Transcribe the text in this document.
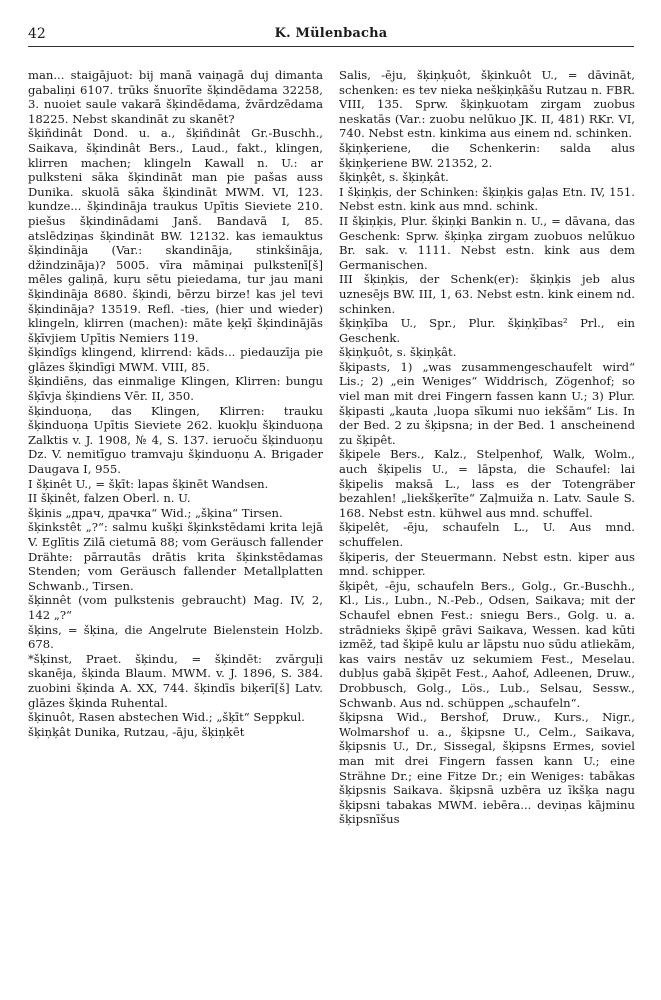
42	K. Mülenbacha

man... staigājuot: bij manā vaiņagā duj dimanta gabaliņi 6107. trūks šnuorīte šķindēdama 32258, 3. nuoiet saule vakarā šķindēdama, žvārdzēdama 18225. Nebst skandināt zu skanēt?

šķiñdinât Dond. u. a., šķiñdinât Gr.-Buschh., Saikava, šķindinât Bers., Laud., fakt., klingen, klirren machen; klingeln Kawall n. U.: ar pulksteni sāka šķindināt man pie pašas auss Dunika. skuolā sāka šķindināt MWM. VI, 123. kundze... šķindināja traukus Upītis Sieviete 210. piešus šķindinādami Janš. Bandavā I, 85. atslēdziņas šķindināt BW. 12132. kas iemauktus šķindināja (Var.: skandināja, stinkšināja, džindzināja)? 5005. vīra māmiņai pulkstenī[š] mēles galiņā, kuŗu sētu pieiedama, tur jau mani šķindināja 8680. šķindi, bērzu birze! kas jel tevi šķindināja? 13519. Refl. -ties, (hier und wieder) klingeln, klirren (machen): māte ķeķī šķindinājās šķīvjiem Upītis Nemiers 119.

šķindîgs klingend, klirrend: kāds... piedauzīja pie glāzes šķindīgi MWM. VIII, 85.

šķindiēns, das einmalige Klingen, Klirren: bungu šķīvja šķindiens Vēr. II, 350.

šķinduoņa, das Klingen, Klirren: trauku šķinduoņa Upītis Sieviete 262. kuokļu šķinduoņa Zalktis v. J. 1908, № 4, S. 137. ieruoču šķinduoņu Dz. V. nemitīguo tramvaju šķinduoņu A. Brigader Daugava I, 955.

I šķinêt U., = šķīt: lapas šķinēt Wandsen.

II šķinêt, falzen Oberl. n. U.

šķinis „драч, драчка“ Wid.; „šķina“ Tirsen.

šķinkstêt „?“: salmu kušķi šķinkstēdami krita lejā V. Eglītis Zilā cietumā 88; vom Geräusch fallender Drähte: pārrautās drātis krita šķinkstēdamas Stenden; vom Geräusch fallender Metallplatten Schwanb., Tirsen.

šķinnêt (vom pulkstenis gebraucht) Mag. IV, 2, 142 „?“

šķins, = šķina, die Angelrute Bielenstein Holzb. 678.

*šķinst, Praet. šķindu, = šķindēt: zvārguļi skanēja, šķinda Blaum. MWM. v. J. 1896, S. 384. zuobini šķinda A. XX, 744. šķindīs biķerī[š] Latv. glāzes šķinda Ruhental.

šķinuôt, Rasen abstechen Wid.; „šķīt“ Seppkul.

šķiņķât Dunika, Rutzau, -āju, šķiņķēt

Salis, -ēju, šķiņķuôt, šķinkuôt U., = dāvināt, schenken: es tev nieka nešķiņķāšu Rutzau n. FBR. VIII, 135. Sprw. šķiņķuotam zirgam zuobus neskatās (Var.: zuobu nelūkuo JK. II, 481) RKr. VI, 740. Nebst estn. kinkima aus einem nd. schinken.

šķiņķeriene, die Schenkerin: salda alus šķiņķeriene BW. 21352, 2.

šķiņķêt, s. šķiņķât.

I šķiņķis, der Schinken: šķiņķis gaļas Etn. IV, 151. Nebst estn. kink aus mnd. schink.

II šķiņķis, Plur. šķiņķi Bankin n. U., = dāvana, das Geschenk: Sprw. šķiņķa zirgam zuobuos nelūkuo Br. sak. v. 1111. Nebst estn. kink aus dem Germanischen.

III šķiņķis, der Schenk(er): šķiņķis jeb alus uznesējs BW. III, 1, 63. Nebst estn. kink einem nd. schinken.

šķiņķība U., Spr., Plur. šķiņķības² Prl., ein Geschenk.

šķiņķuôt, s. šķiņķât.

šķipasts, 1) „was zusammengeschaufelt wird“ Lis.; 2) „ein Weniges“ Widdrisch, Zögenhof; so viel man mit drei Fingern fassen kann U.; 3) Plur. šķipasti „kauta ,luopa sīkumi nuo iekšām“ Lis. In der Bed. 2 zu šķipsna; in der Bed. 1 anscheinend zu šķipêt.

šķipele Bers., Kalz., Stelpenhof, Walk, Wolm., auch šķipelis U., = lāpsta, die Schaufel: lai šķipelis maksā L., lass es der Totengräber bezahlen! „liekšķerīte“ Zaļmuiža n. Latv. Saule S. 168. Nebst estn. kühwel aus mnd. schuffel.

šķipelêt, -ēju, schaufeln L., U. Aus mnd. schuffelen.

šķiperis, der Steuermann. Nebst estn. kiper aus mnd. schipper.

šķipêt, -ēju, schaufeln Bers., Golg., Gr.-Buschh., Kl., Lis., Lubn., N.-Peb., Odsen, Saikava; mit der Schaufel ebnen Fest.: sniegu Bers., Golg. u. a. strādnieks šķipē grāvi Saikava, Wessen. kad kūti izmēž, tad šķipē kulu ar lāpstu nuo sūdu atliekām, kas vairs nestāv uz sekumiem Fest., Meselau. dubļus gabā šķipēt Fest., Aahof, Adleenen, Druw., Drobbusch, Golg., Lös., Lub., Selsau, Sessw., Schwanb. Aus nd. schüppen „schaufeln“.

šķipsna Wid., Bershof, Druw., Kurs., Nigr., Wolmarshof u. a., šķipsne U., Celm., Saikava, šķipsnis U., Dr., Sissegal, šķipsns Ermes, soviel man mit drei Fingern fassen kann U.; eine Strähne Dr.; eine Fitze Dr.; ein Weniges: tabākas šķipsnis Saikava. šķipsnā uzbēra uz īkšķa nagu šķipsni tabakas MWM. iebēra... deviņas kājminu šķipsnīšus
